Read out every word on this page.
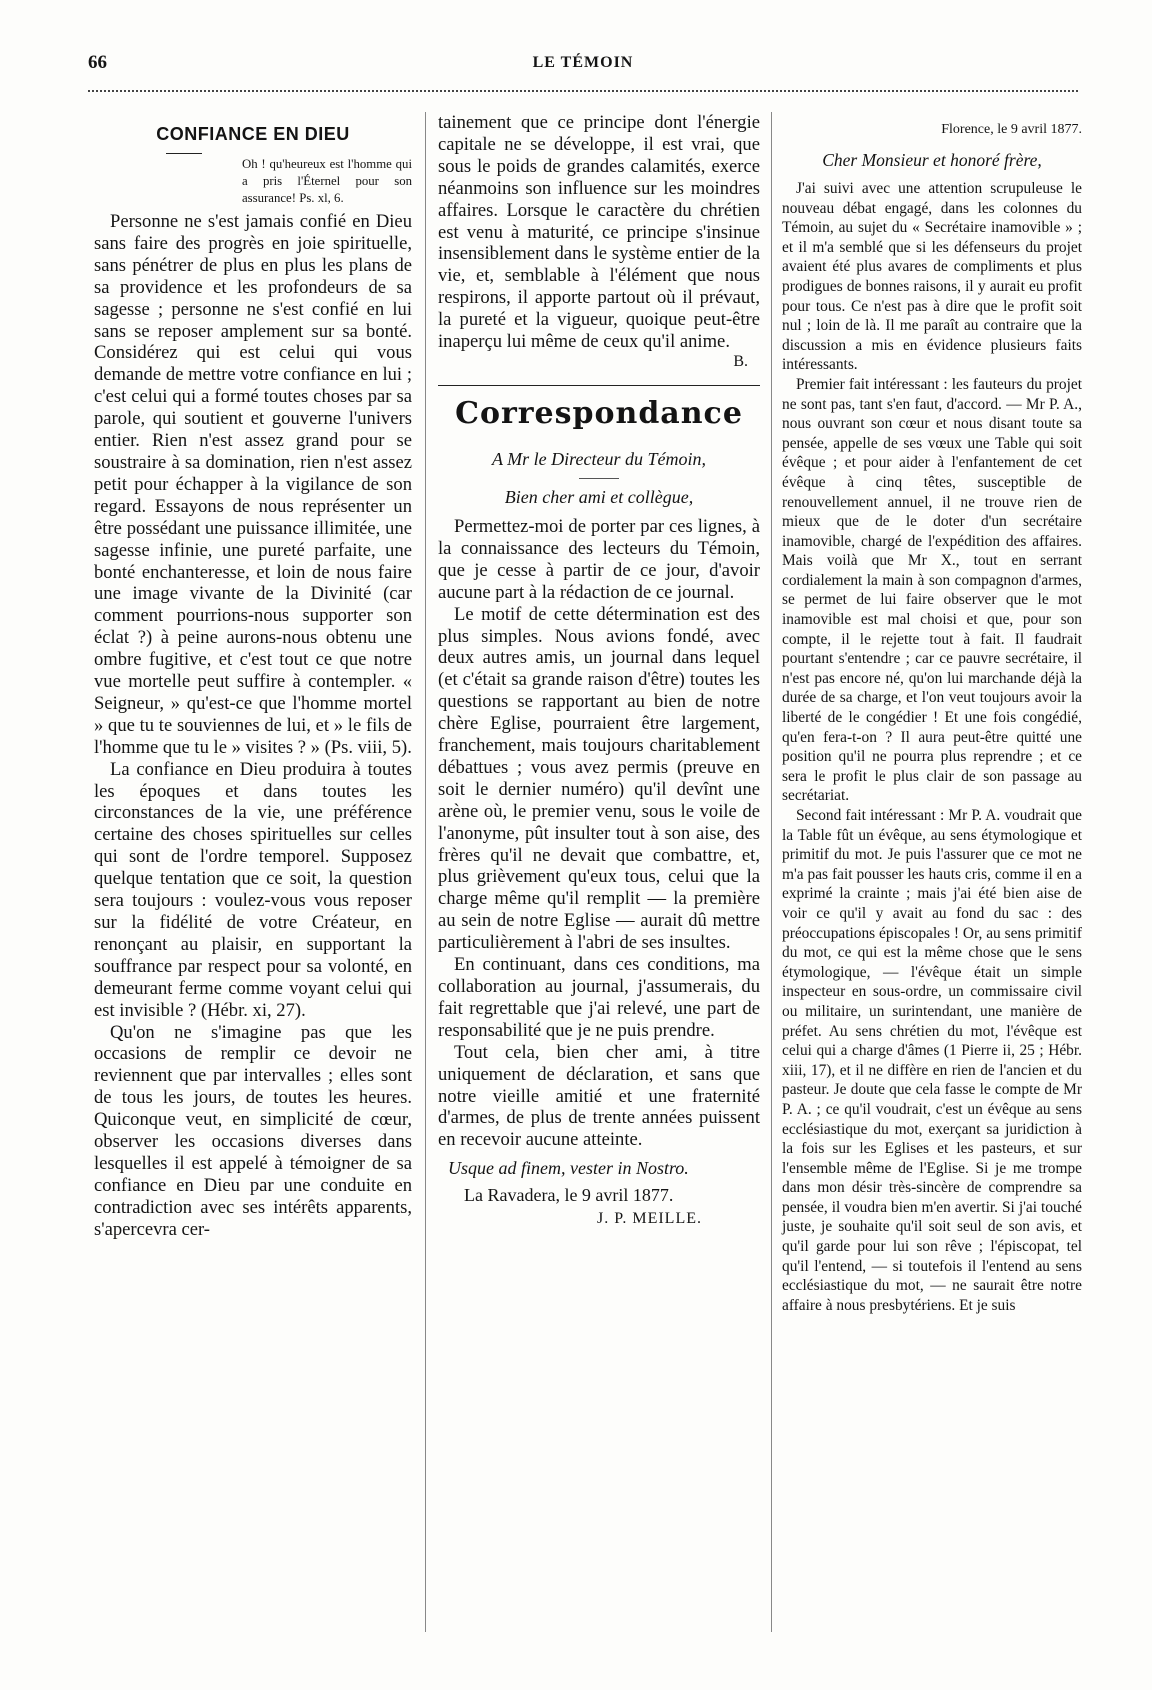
66	LE TÉMOIN
CONFIANCE EN DIEU
Oh ! qu'heureux est l'homme qui a pris l'Éternel pour son assurance! Ps. xl, 6.

Personne ne s'est jamais confié en Dieu sans faire des progrès en joie spirituelle, sans pénétrer de plus en plus les plans de sa providence et les profondeurs de sa sagesse ; personne ne s'est confié en lui sans se reposer amplement sur sa bonté. Considérez qui est celui qui vous demande de mettre votre confiance en lui ; c'est celui qui a formé toutes choses par sa parole, qui soutient et gouverne l'univers entier. Rien n'est assez grand pour se soustraire à sa domination, rien n'est assez petit pour échapper à la vigilance de son regard. Essayons de nous représenter un être possédant une puissance illimitée, une sagesse infinie, une pureté parfaite, une bonté enchanteresse, et loin de nous faire une image vivante de la Divinité (car comment pourrions-nous supporter son éclat ?) à peine aurons-nous obtenu une ombre fugitive, et c'est tout ce que notre vue mortelle peut suffire à contempler. « Seigneur, » qu'est-ce que l'homme mortel » que tu te souviennes de lui, et » le fils de l'homme que tu le » visites ? » (Ps. viii, 5).

La confiance en Dieu produira à toutes les époques et dans toutes les circonstances de la vie, une préférence certaine des choses spirituelles sur celles qui sont de l'ordre temporel. Supposez quelque tentation que ce soit, la question sera toujours : voulez-vous vous reposer sur la fidélité de votre Créateur, en renonçant au plaisir, en supportant la souffrance par respect pour sa volonté, en demeurant ferme comme voyant celui qui est invisible ? (Hébr. xi, 27).

Qu'on ne s'imagine pas que les occasions de remplir ce devoir ne reviennent que par intervalles ; elles sont de tous les jours, de toutes les heures. Quiconque veut, en simplicité de cœur, observer les occasions diverses dans lesquelles il est appelé à témoigner de sa confiance en Dieu par une conduite en contradiction avec ses intérêts apparents, s'apercevra cer-

tainement que ce principe dont l'énergie capitale ne se développe, il est vrai, que sous le poids de grandes calamités, exerce néanmoins son influence sur les moindres affaires. Lorsque le caractère du chrétien est venu à maturité, ce principe s'insinue insensiblement dans le système entier de la vie, et, semblable à l'élément que nous respirons, il apporte partout où il prévaut, la pureté et la vigueur, quoique peut-être inaperçu lui même de ceux qu'il anime.

B.
Correspondance
A Mr le Directeur du Témoin,
Bien cher ami et collègue,

Permettez-moi de porter par ces lignes, à la connaissance des lecteurs du Témoin, que je cesse à partir de ce jour, d'avoir aucune part à la rédaction de ce journal.

Le motif de cette détermination est des plus simples. Nous avions fondé, avec deux autres amis, un journal dans lequel (et c'était sa grande raison d'être) toutes les questions se rapportant au bien de notre chère Eglise, pourraient être largement, franchement, mais toujours charitablement débattues ; vous avez permis (preuve en soit le dernier numéro) qu'il devînt une arène où, le premier venu, sous le voile de l'anonyme, pût insulter tout à son aise, des frères qu'il ne devait que combattre, et, plus grièvement qu'eux tous, celui que la charge même qu'il remplit — la première au sein de notre Eglise — aurait dû mettre particulièrement à l'abri de ses insultes.

En continuant, dans ces conditions, ma collaboration au journal, j'assumerais, du fait regrettable que j'ai relevé, une part de responsabilité que je ne puis prendre.

Tout cela, bien cher ami, à titre uniquement de déclaration, et sans que notre vieille amitié et une fraternité d'armes, de plus de trente années puissent en recevoir aucune atteinte.

Usque ad finem, vester in Nostro.
La Ravadera, le 9 avril 1877.
J. P. MEILLE.
Florence, le 9 avril 1877.
Cher Monsieur et honoré frère,

J'ai suivi avec une attention scrupuleuse le nouveau débat engagé, dans les colonnes du Témoin, au sujet du « Secrétaire inamovible » ; et il m'a semblé que si les défenseurs du projet avaient été plus avares de compliments et plus prodigues de bonnes raisons, il y aurait eu profit pour tous. Ce n'est pas à dire que le profit soit nul ; loin de là. Il me paraît au contraire que la discussion a mis en évidence plusieurs faits intéressants.

Premier fait intéressant : les fauteurs du projet ne sont pas, tant s'en faut, d'accord. — Mr P. A., nous ouvrant son cœur et nous disant toute sa pensée, appelle de ses vœux une Table qui soit évêque ; et pour aider à l'enfantement de cet évêque à cinq têtes, susceptible de renouvellement annuel, il ne trouve rien de mieux que de le doter d'un secrétaire inamovible, chargé de l'expédition des affaires. Mais voilà que Mr X., tout en serrant cordialement la main à son compagnon d'armes, se permet de lui faire observer que le mot inamovible est mal choisi et que, pour son compte, il le rejette tout à fait. Il faudrait pourtant s'entendre ; car ce pauvre secrétaire, il n'est pas encore né, qu'on lui marchande déjà la durée de sa charge, et l'on veut toujours avoir la liberté de le congédier ! Et une fois congédié, qu'en fera-t-on ? Il aura peut-être quitté une position qu'il ne pourra plus reprendre ; et ce sera le profit le plus clair de son passage au secrétariat.

Second fait intéressant : Mr P. A. voudrait que la Table fût un évêque, au sens étymologique et primitif du mot. Je puis l'assurer que ce mot ne m'a pas fait pousser les hauts cris, comme il en a exprimé la crainte ; mais j'ai été bien aise de voir ce qu'il y avait au fond du sac : des préoccupations épiscopales ! Or, au sens primitif du mot, ce qui est la même chose que le sens étymologique, — l'évêque était un simple inspecteur en sous-ordre, un commissaire civil ou militaire, un surintendant, une manière de préfet. Au sens chrétien du mot, l'évêque est celui qui a charge d'âmes (1 Pierre ii, 25 ; Hébr. xiii, 17), et il ne diffère en rien de l'ancien et du pasteur. Je doute que cela fasse le compte de Mr P. A. ; ce qu'il voudrait, c'est un évêque au sens ecclésiastique du mot, exerçant sa juridiction à la fois sur les Eglises et les pasteurs, et sur l'ensemble même de l'Eglise. Si je me trompe dans mon désir très-sincère de comprendre sa pensée, il voudra bien m'en avertir. Si j'ai touché juste, je souhaite qu'il soit seul de son avis, et qu'il garde pour lui son rêve ; l'épiscopat, tel qu'il l'entend, — si toutefois il l'entend au sens ecclésiastique du mot, — ne saurait être notre affaire à nous presbytériens. Et je suis
